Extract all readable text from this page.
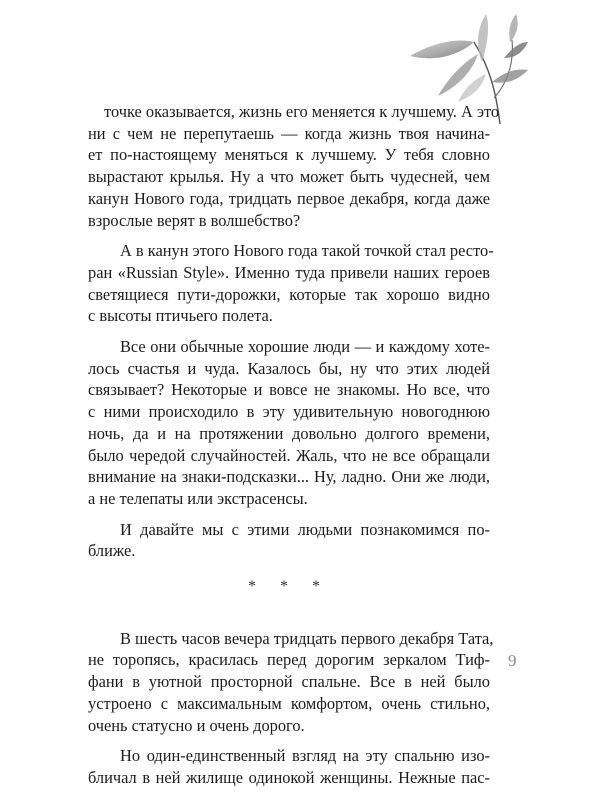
точке оказывается, жизнь его меняется к лучшему. А это
ни с чем не перепутаешь — когда жизнь твоя начина-
ет по-настоящему меняться к лучшему. У тебя словно
вырастают крылья. Ну а что может быть чудесней, чем
канун Нового года, тридцать первое декабря, когда даже
взрослые верят в волшебство?
А в канун этого Нового года такой точкой стал ресто-
ран «Russian Style». Именно туда привели наших героев
светящиеся пути-дорожки, которые так хорошо видно
с высоты птичьего полета.
Все они обычные хорошие люди — и каждому хоте-
лось счастья и чуда. Казалось бы, ну что этих людей
связывает? Некоторые и вовсе не знакомы. Но все, что
с ними происходило в эту удивительную новогоднюю
ночь, да и на протяжении довольно долгого времени,
было чередой случайностей. Жаль, что не все обращали
внимание на знаки-подсказки... Ну, ладно. Они же люди,
а не телепаты или экстрасенсы.
И давайте мы с этими людьми познакомимся по-
ближе.
* * *
В шесть часов вечера тридцать первого декабря Тата,
не торопясь, красилась перед дорогим зеркалом Тиф-
фани в уютной просторной спальне. Все в ней было
устроено с максимальным комфортом, очень стильно,
очень статусно и очень дорого.
Но один-единственный взгляд на эту спальню изо-
бличал в ней жилище одинокой женщины. Нежные пас-
9
